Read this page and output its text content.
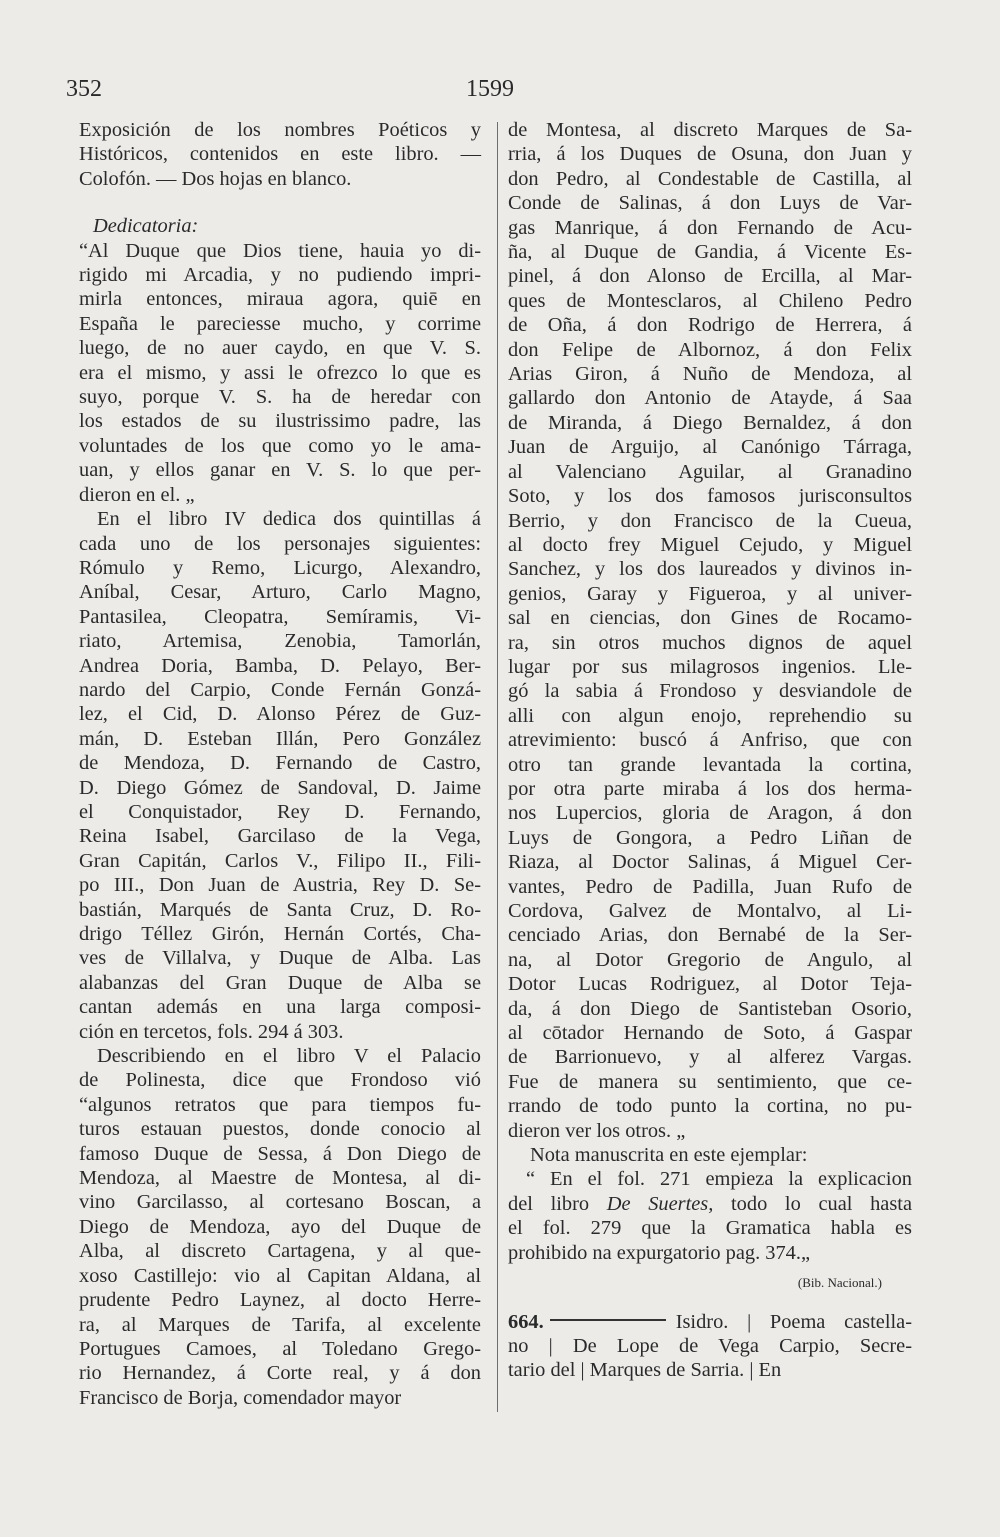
352	1599
Exposición de los nombres Poéticos y
Históricos, contenidos en este libro. —
Colofón. — Dos hojas en blanco.
Dedicatoria:
“Al Duque que Dios tiene, hauia yo di-
rigido mi Arcadia, y no pudiendo impri-
mirla entonces, miraua agora, quiē en
España le pareciesse mucho, y corrime
luego, de no auer caydo, en que V. S.
era el mismo, y assi le ofrezco lo que es
suyo, porque V. S. ha de heredar con
los estados de su ilustrissimo padre, las
voluntades de los que como yo le ama-
uan, y ellos ganar en V. S. lo que per-
dieron en el. „
En el libro IV dedica dos quintillas á
cada uno de los personajes siguientes:
Rómulo y Remo, Licurgo, Alexandro,
Aníbal, Cesar, Arturo, Carlo Magno,
Pantasilea, Cleopatra, Semíramis, Vi-
riato, Artemisa, Zenobia, Tamorlán,
Andrea Doria, Bamba, D. Pelayo, Ber-
nardo del Carpio, Conde Fernán Gonzá-
lez, el Cid, D. Alonso Pérez de Guz-
mán, D. Esteban Illán, Pero González
de Mendoza, D. Fernando de Castro,
D. Diego Gómez de Sandoval, D. Jaime
el Conquistador, Rey D. Fernando,
Reina Isabel, Garcilaso de la Vega,
Gran Capitán, Carlos V., Filipo II., Fili-
po III., Don Juan de Austria, Rey D. Se-
bastián, Marqués de Santa Cruz, D. Ro-
drigo Téllez Girón, Hernán Cortés, Cha-
ves de Villalva, y Duque de Alba. Las
alabanzas del Gran Duque de Alba se
cantan además en una larga composi-
ción en tercetos, fols. 294 á 303.
Describiendo en el libro V el Palacio
de Polinesta, dice que Frondoso vió
“algunos retratos que para tiempos fu-
turos estauan puestos, donde conocio al
famoso Duque de Sessa, á Don Diego de
Mendoza, al Maestre de Montesa, al di-
vino Garcilasso, al cortesano Boscan, a
Diego de Mendoza, ayo del Duque de
Alba, al discreto Cartagena, y al que-
xoso Castillejo: vio al Capitan Aldana, al
prudente Pedro Laynez, al docto Herre-
ra, al Marques de Tarifa, al excelente
Portugues Camoes, al Toledano Grego-
rio Hernandez, á Corte real, y á don
Francisco de Borja, comendador mayor
de Montesa, al discreto Marques de Sa-
rria, á los Duques de Osuna, don Juan y
don Pedro, al Condestable de Castilla, al
Conde de Salinas, á don Luys de Var-
gas Manrique, á don Fernando de Acu-
ña, al Duque de Gandia, á Vicente Es-
pinel, á don Alonso de Ercilla, al Mar-
ques de Montesclaros, al Chileno Pedro
de Oña, á don Rodrigo de Herrera, á
don Felipe de Albornoz, á don Felix
Arias Giron, á Nuño de Mendoza, al
gallardo don Antonio de Atayde, á Saa
de Miranda, á Diego Bernaldez, á don
Juan de Arguijo, al Canónigo Tárraga,
al Valenciano Aguilar, al Granadino
Soto, y los dos famosos jurisconsultos
Berrio, y don Francisco de la Cueua,
al docto frey Miguel Cejudo, y Miguel
Sanchez, y los dos laureados y divinos in-
genios, Garay y Figueroa, y al univer-
sal en ciencias, don Gines de Rocamo-
ra, sin otros muchos dignos de aquel
lugar por sus milagrosos ingenios. Lle-
gó la sabia á Frondoso y desviandole de
alli con algun enojo, reprehendio su
atrevimiento: buscó á Anfriso, que con
otro tan grande levantada la cortina,
por otra parte miraba á los dos herma-
nos Lupercios, gloria de Aragon, á don
Luys de Gongora, a Pedro Liñan de
Riaza, al Doctor Salinas, á Miguel Cer-
vantes, Pedro de Padilla, Juan Rufo de
Cordova, Galvez de Montalvo, al Li-
cenciado Arias, don Bernabé de la Ser-
na, al Dotor Gregorio de Angulo, al
Dotor Lucas Rodriguez, al Dotor Teja-
da, á don Diego de Santisteban Osorio,
al cōtador Hernando de Soto, á Gaspar
de Barrionuevo, y al alferez Vargas.
Fue de manera su sentimiento, que ce-
rrando de todo punto la cortina, no pu-
dieron ver los otros. „
Nota manuscrita en este ejemplar:
“ En el fol. 271 empieza la explicacion
del libro De Suertes, todo lo cual hasta
el fol. 279 que la Gramatica habla es
prohibido na expurgatorio pag. 374.„
(Bib. Nacional.)
664.	Isidro. | Poema castella-
no | De Lope de Vega Carpio, Secre-
tario del | Marques de Sarria. | En
